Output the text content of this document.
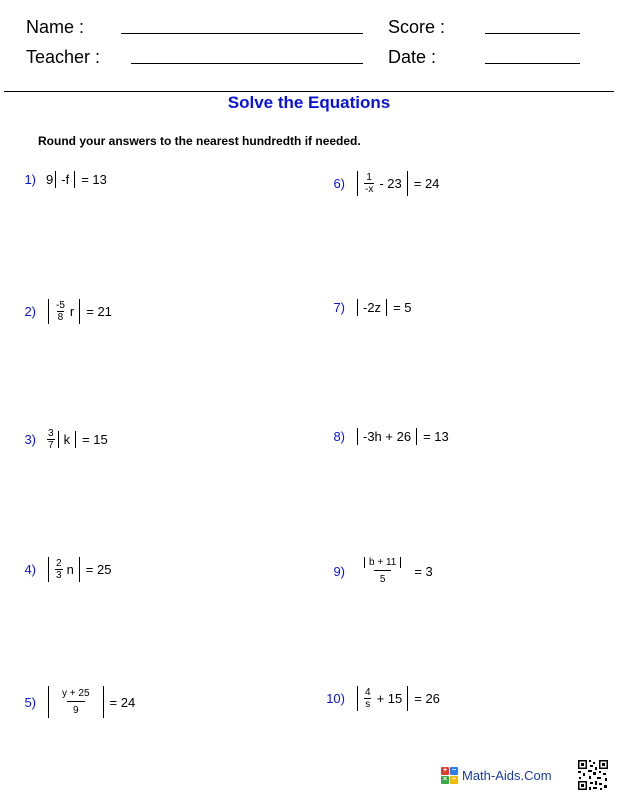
Name :
Teacher :
Score :
Date :
Solve the Equations
Round your answers to the nearest hundredth if needed.
1) 9 -f = 13
$2) \frac{-5}{8}$ r = 21
$3) \frac{3}{7}$ k = 15
$4) \frac{2}{3}$ n = 25
$5) \frac{y + 25}{9} = 24$
$6) \frac{1}{-x} - 23 = 24$
7) -2z = 5
8) -3h + 26 = 13
$9) \frac{b + 11}{5} = 3$
$10) \frac{4}{s} + 15 = 26$
+ −
× ÷ Math-Aids.Com
